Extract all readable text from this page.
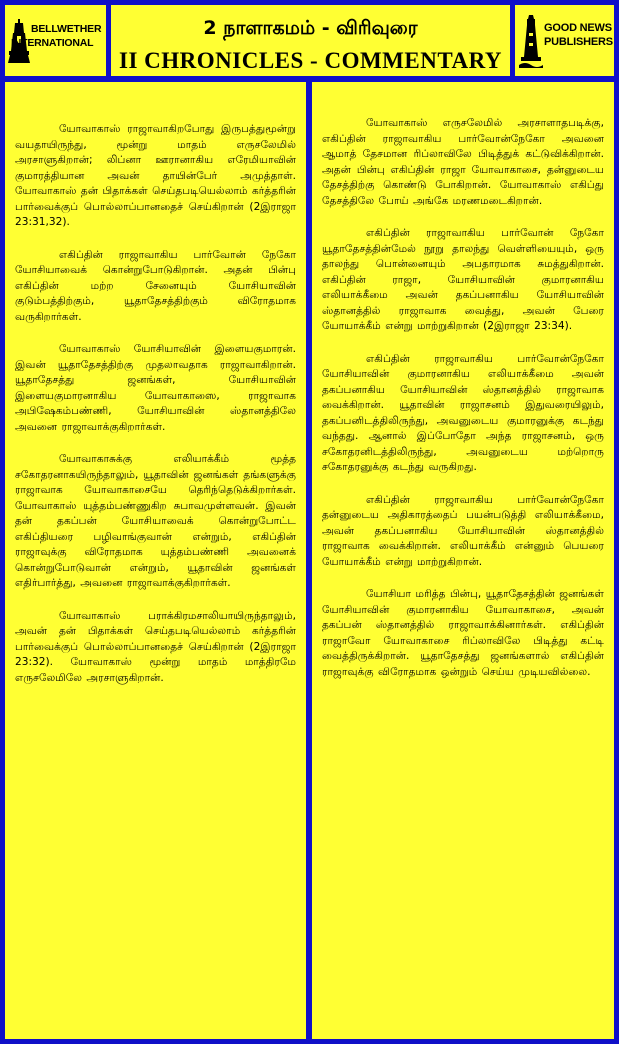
BELLWETHER
INTERNATIONAL
2 நாளாகமம் - விரிவுரை
II CHRONICLES - COMMENTARY
GOOD NEWS
PUBLISHERS

யோவாகாஸ் ராஜாவாகிறபோது இருபத்துமூன்று வயதாயிருந்து, மூன்று மாதம் எருசலேமில் அரசாளுகிறான்; லிப்னா ஊரானாகிய எரேமியாவின் குமாரத்தியான அவன் தாயின்பேர் அமுத்தாள். யோவாகாஸ் தன் பிதாக்கள் செய்தபடியெல்லாம் கர்த்தரின் பார்வைக்குப் பொல்லாப்பானதைச் செய்கிறான் (2இராஜா 23:31,32).

எகிப்தின் ராஜாவாகிய பார்வோன் நேகோ யோசியாவைக் கொன்றுபோடுகிறான். அதன் பின்பு எகிப்தின் மற்ற சேனையும் யோசியாவின் குடும்பத்திற்கும், யூதாதேசத்திற்கும் விரோதமாக வருகிறார்கள்.

யோவாகாஸ் யோசியாவின் இளையகுமாரன். இவன் யூதாதேசத்திற்கு முதலாவதாக ராஜாவாகிறான். யூதாதேசத்து ஜனங்கள், யோசியாவின் இளையகுமாரனாகிய யோவாகாஸை, ராஜாவாக அபிஷேகம்பண்ணி, யோசியாவின் ஸ்தானத்திலே அவனை ராஜாவாக்குகிறார்கள்.

யோவாகாசுக்கு எலியாக்கீம் மூத்த சகோதரனாகயிருந்தாலும், யூதாவின் ஜனங்கள் தங்களுக்கு ராஜாவாக யோவாகாசையே தெரிந்தெடுக்கிறார்கள். யோவாகாஸ் யுத்தம்பண்ணுகிற சுபாவமுள்ளவன். இவன் தன் தகப்பன் யோசியாவைக் கொன்றுபோட்ட எகிப்தியரை பழிவாங்குவான் என்றும், எகிப்தின் ராஜாவுக்கு விரோதமாக யுத்தம்பண்ணி அவனைக் கொன்றுபோடுவான் என்றும், யூதாவின் ஜனங்கள் எதிர்பார்த்து, அவனை ராஜாவாக்குகிறார்கள்.

யோவாகாஸ் பராக்கிரமசாலியாயிருந்தாலும், அவன் தன் பிதாக்கள் செய்தபடியெல்லாம் கர்த்தரின் பார்வைக்குப் பொல்லாப்பானதைச் செய்கிறான் (2இராஜா 23:32). யோவாகாஸ் மூன்று மாதம் மாத்திரமே எருசலேமிலே அரசாளுகிறான்.

யோவாகாஸ் எருசலேமில் அரசாளாதபடிக்கு, எகிப்தின் ராஜாவாகிய பார்வோன்நேகோ அவனை ஆமாத் தேசமான ரிப்லாவிலே பிடித்துக் கட்டுவிக்கிறான். அதன் பின்பு எகிப்தின் ராஜா யோவாகாசை, தன்னுடைய தேசத்திற்கு கொண்டு போகிறான். யோவாகாஸ் எகிப்து தேசத்திலே போய் அங்கே மரணமடைகிறான்.

எகிப்தின் ராஜாவாகிய பார்வோன் நேகோ யூதாதேசத்தின்மேல் நூறு தாலந்து வெள்ளியையும், ஒரு தாலந்து பொன்னையும் அபதாரமாக சுமத்துகிறான். எகிப்தின் ராஜா, யோசியாவின் குமாரனாகிய எலியாக்கீமை அவன் தகப்பனாகிய யோசியாவின் ஸ்தானத்தில் ராஜாவாக வைத்து, அவன் பேரை யோயாக்கீம் என்று மாற்றுகிறான் (2இராஜா 23:34).

எகிப்தின் ராஜாவாகிய பார்வோன்நேகோ யோசியாவின் குமாரனாகிய எலியாக்கீமை அவன் தகப்பனாகிய யோசியாவின் ஸ்தானத்தில் ராஜாவாக வைக்கிறான். யூதாவின் ராஜாசனம் இதுவரையிலும், தகப்பனிடத்திலிருந்து, அவனுடைய குமாரனுக்கு கடந்து வந்தது. ஆனால் இப்போதோ அந்த ராஜாசனம், ஒரு சகோதரனிடத்திலிருந்து, அவனுடைய மற்றொரு சகோதரனுக்கு கடந்து வருகிறது.

எகிப்தின் ராஜாவாகிய பார்வோன்நேகோ தன்னுடைய அதிகாரத்தைப் பயன்படுத்தி எலியாக்கீமை, அவன் தகப்பனாகிய யோசியாவின் ஸ்தானத்தில் ராஜாவாக வைக்கிறான். எலியாக்கீம் என்னும் பெயரை யோயாக்கீம் என்று மாற்றுகிறான்.

யோசியா மரித்த பின்பு, யூதாதேசத்தின் ஜனங்கள் யோசியாவின் குமாரனாகிய யோவாகாசை, அவன் தகப்பன் ஸ்தானத்தில் ராஜாவாக்கினார்கள். எகிப்தின் ராஜாவோ யோவாகாசை ரிப்லாவிலே பிடித்து கட்டி வைத்திருக்கிறான். யூதாதேசத்து ஜனங்களால் எகிப்தின் ராஜாவுக்கு விரோதமாக ஒன்றும் செய்ய முடியவில்லை.
